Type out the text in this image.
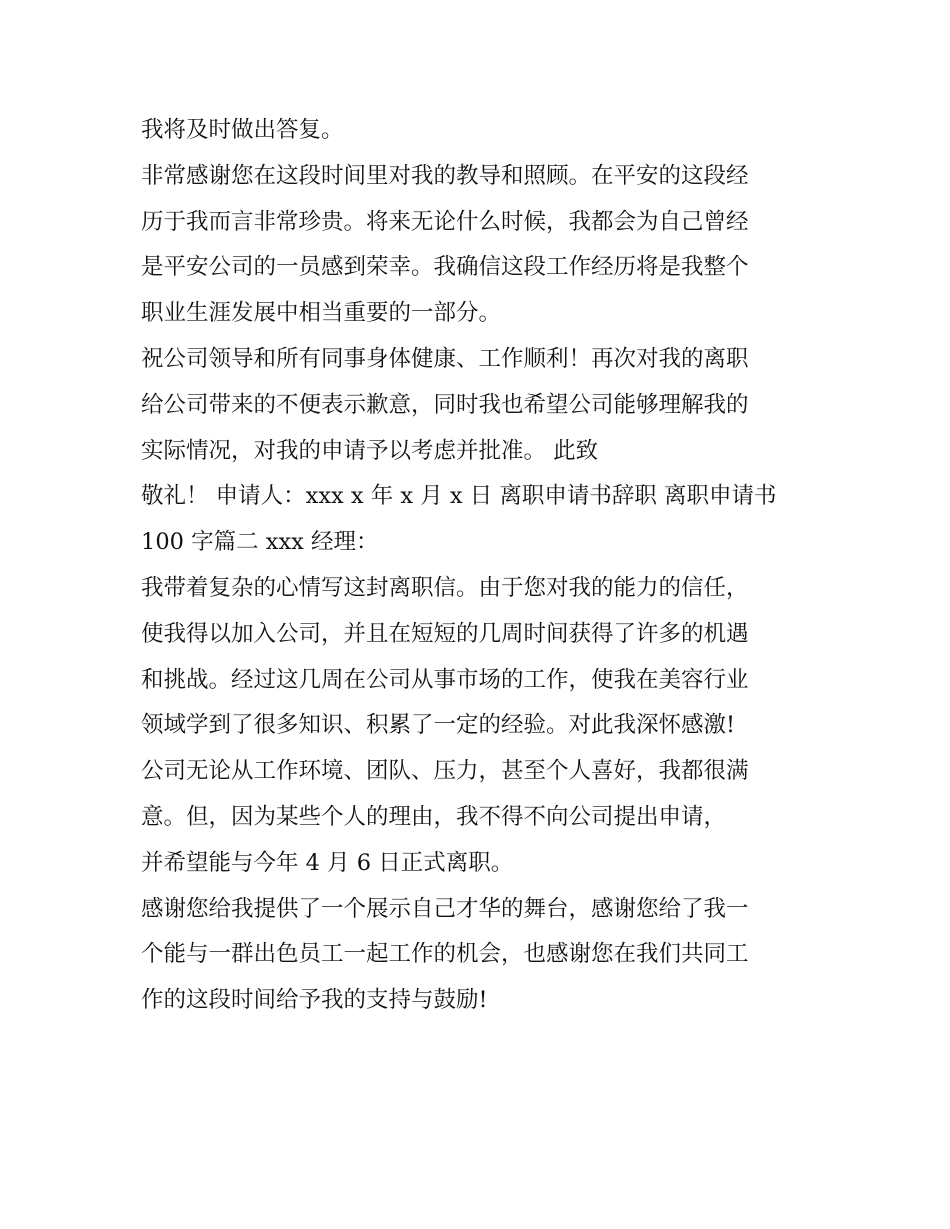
我将及时做出答复。
非常感谢您在这段时间里对我的教导和照顾。在平安的这段经
历于我而言非常珍贵。将来无论什么时候，我都会为自己曾经
是平安公司的一员感到荣幸。我确信这段工作经历将是我整个
职业生涯发展中相当重要的一部分。
祝公司领导和所有同事身体健康、工作顺利！再次对我的离职
给公司带来的不便表示歉意，同时我也希望公司能够理解我的
实际情况，对我的申请予以考虑并批准。 此致
敬礼！ 申请人：xxx x 年 x 月 x 日 离职申请书辞职 离职申请书
100 字篇二 xxx 经理：
我带着复杂的心情写这封离职信。由于您对我的能力的信任，
使我得以加入公司，并且在短短的几周时间获得了许多的机遇
和挑战。经过这几周在公司从事市场的工作，使我在美容行业
领域学到了很多知识、积累了一定的经验。对此我深怀感激!
公司无论从工作环境、团队、压力，甚至个人喜好，我都很满
意。但，因为某些个人的理由，我不得不向公司提出申请，
并希望能与今年 4 月 6 日正式离职。
感谢您给我提供了一个展示自己才华的舞台，感谢您给了我一
个能与一群出色员工一起工作的机会，也感谢您在我们共同工
作的这段时间给予我的支持与鼓励!
